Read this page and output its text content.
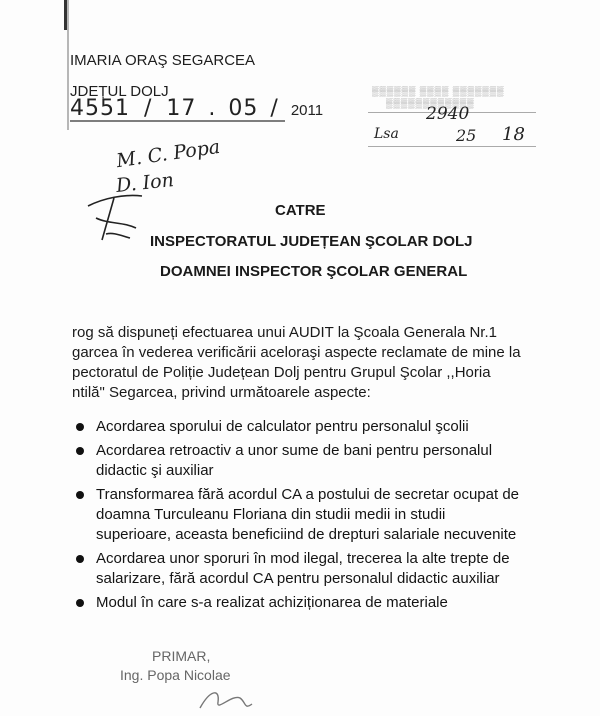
IMARIA ORAŞ SEGARCEA
JDEȚUL DOLJ
4551 / 17 . 05 / 2011
▒▒▒▒▒▒ ▒▒▒▒ ▒▒▒▒▒▒▒
▒▒▒▒▒▒▒▒▒▒▒▒
2940
Lsa	25 18
M. C. Popa
D. Ion
CATRE
INSPECTORATUL JUDEȚEAN ŞCOLAR DOLJ
DOAMNEI INSPECTOR ŞCOLAR GENERAL

rog să dispuneți efectuarea unui AUDIT la Şcoala Generala Nr.1

garcea în vederea verificării aceloraşi aspecte reclamate de mine la

pectoratul de Poliție Județean Dolj pentru Grupul Şcolar ,,Horia

ntilă" Segarcea, privind următoarele aspecte:

Acordarea sporului de calculator pentru personalul şcolii
Acordarea retroactiv a unor sume de bani pentru personalul
didactic şi auxiliar
Transformarea fără acordul CA a postului de secretar ocupat de
doamna Turculeanu Floriana din studii medii in studii
superioare, aceasta beneficiind de drepturi salariale necuvenite
Acordarea unor sporuri în mod ilegal, trecerea la alte trepte de
salarizare, fără acordul CA pentru personalul didactic auxiliar
Modul în care s-a realizat achiziționarea de materiale
PRIMAR,
Ing. Popa Nicolae
